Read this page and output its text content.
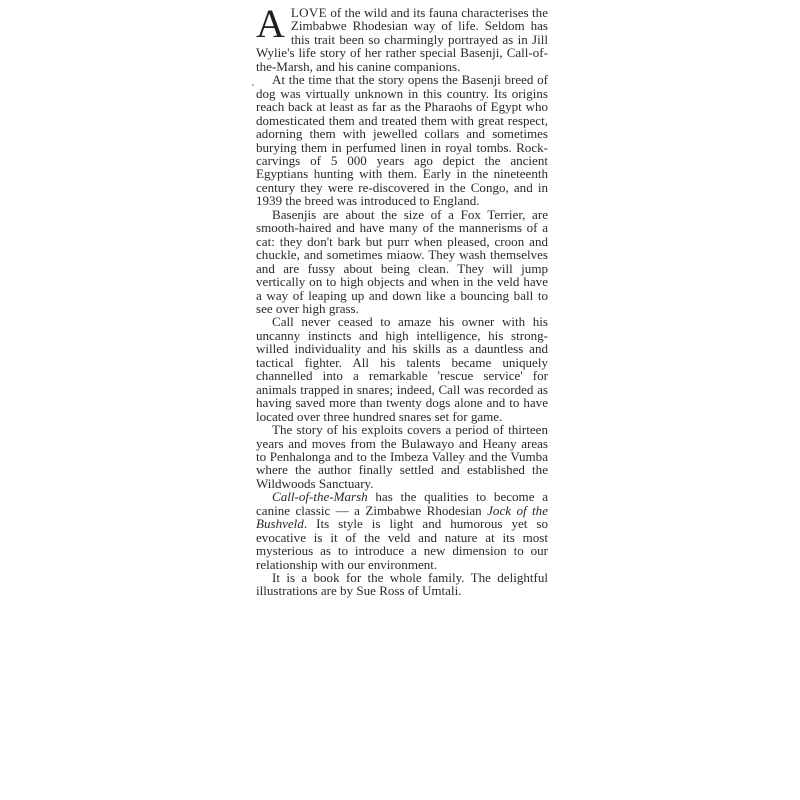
ALOVE of the wild and its fauna characterises the Zimbabwe Rhodesian way of life. Seldom has this trait been so charmingly portrayed as in Jill Wylie's life story of her rather special Basenji, Call-of-the-Marsh, and his canine companions.

At the time that the story opens the Basenji breed of dog was virtually unknown in this country. Its origins reach back at least as far as the Pharaohs of Egypt who domesticated them and treated them with great respect, adorning them with jewelled collars and sometimes burying them in perfumed linen in royal tombs. Rock-carvings of 5 000 years ago depict the ancient Egyptians hunting with them. Early in the nineteenth century they were re-discovered in the Congo, and in 1939 the breed was introduced to England.

Basenjis are about the size of a Fox Terrier, are smooth-haired and have many of the mannerisms of a cat: they don't bark but purr when pleased, croon and chuckle, and sometimes miaow. They wash themselves and are fussy about being clean. They will jump vertically on to high objects and when in the veld have a way of leaping up and down like a bouncing ball to see over high grass.

Call never ceased to amaze his owner with his uncanny instincts and high intelligence, his strong-willed individuality and his skills as a dauntless and tactical fighter. All his talents became uniquely channelled into a remarkable 'rescue service' for animals trapped in snares; indeed, Call was recorded as having saved more than twenty dogs alone and to have located over three hundred snares set for game.

The story of his exploits covers a period of thirteen years and moves from the Bulawayo and Heany areas to Penhalonga and to the Imbeza Valley and the Vumba where the author finally settled and established the Wildwoods Sanctuary.

Call-of-the-Marsh has the qualities to become a canine classic — a Zimbabwe Rhodesian Jock of the Bushveld. Its style is light and humorous yet so evocative is it of the veld and nature at its most mysterious as to introduce a new dimension to our relationship with our environment.

It is a book for the whole family. The delightful illustrations are by Sue Ross of Umtali.
